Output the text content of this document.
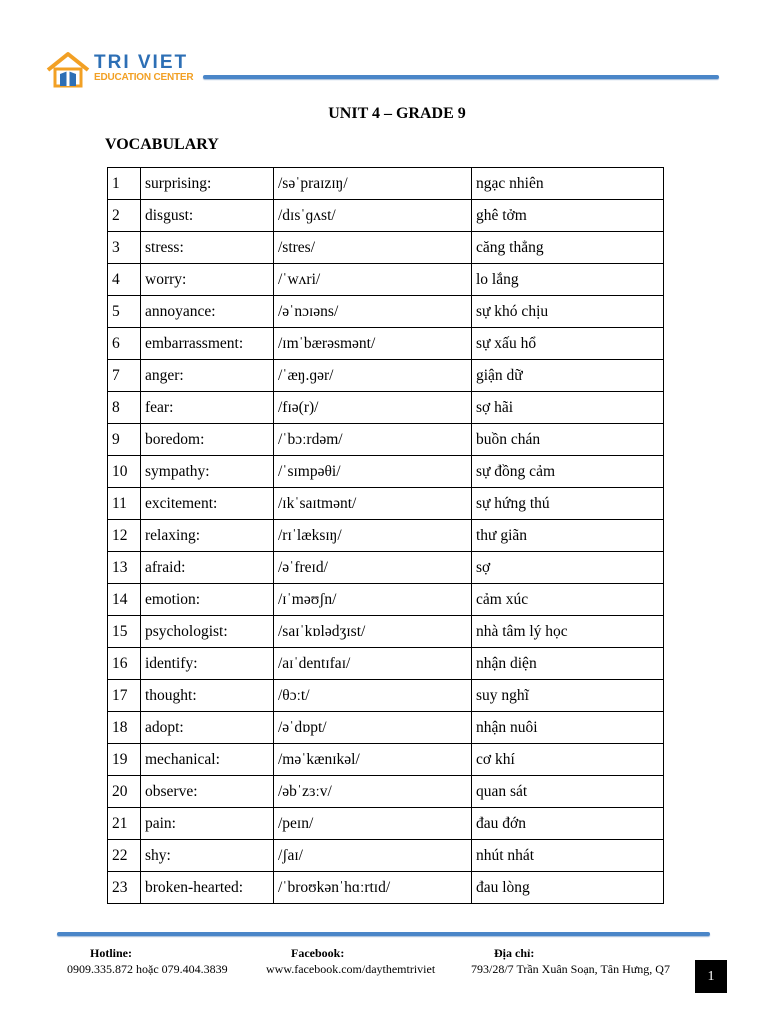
TRI VIET
EDUCATION CENTER
UNIT 4 – GRADE 9
VOCABULARY
1	surprising:	/səˈpraɪzɪŋ/	ngạc nhiên
2	disgust:	/dɪsˈɡʌst/	ghê tởm
3	stress:	/stres/	căng thẳng
4	worry:	/ˈwʌri/	lo lắng
5	annoyance:	/əˈnɔɪəns/	sự khó chịu
6	embarrassment:	/ɪmˈbærəsmənt/	sự xấu hổ
7	anger:	/ˈæŋ.ɡər/	giận dữ
8	fear:	/fɪə(r)/	sợ hãi
9	boredom:	/ˈbɔːrdəm/	buồn chán
10	sympathy:	/ˈsɪmpəθi/	sự đồng cảm
11	excitement:	/ɪkˈsaɪtmənt/	sự hứng thú
12	relaxing:	/rɪˈlæksɪŋ/	thư giãn
13	afraid:	/əˈfreɪd/	sợ
14	emotion:	/ɪˈməʊʃn/	cảm xúc
15	psychologist:	/saɪˈkɒlədʒɪst/	nhà tâm lý học
16	identify:	/aɪˈdentɪfaɪ/	nhận diện
17	thought:	/θɔːt/	suy nghĩ
18	adopt:	/əˈdɒpt/	nhận nuôi
19	mechanical:	/məˈkænɪkəl/	cơ khí
20	observe:	/əbˈzɜːv/	quan sát
21	pain:	/peɪn/	đau đớn
22	shy:	/ʃaɪ/	nhút nhát
23	broken-hearted:	/ˈbroʊkənˈhɑːrtɪd/	đau lòng
Hotline:
0909.335.872 hoặc 079.404.3839
Facebook:
www.facebook.com/daythemtriviet
Địa chỉ:
793/28/7 Trần Xuân Soạn, Tân Hưng, Q7	1
